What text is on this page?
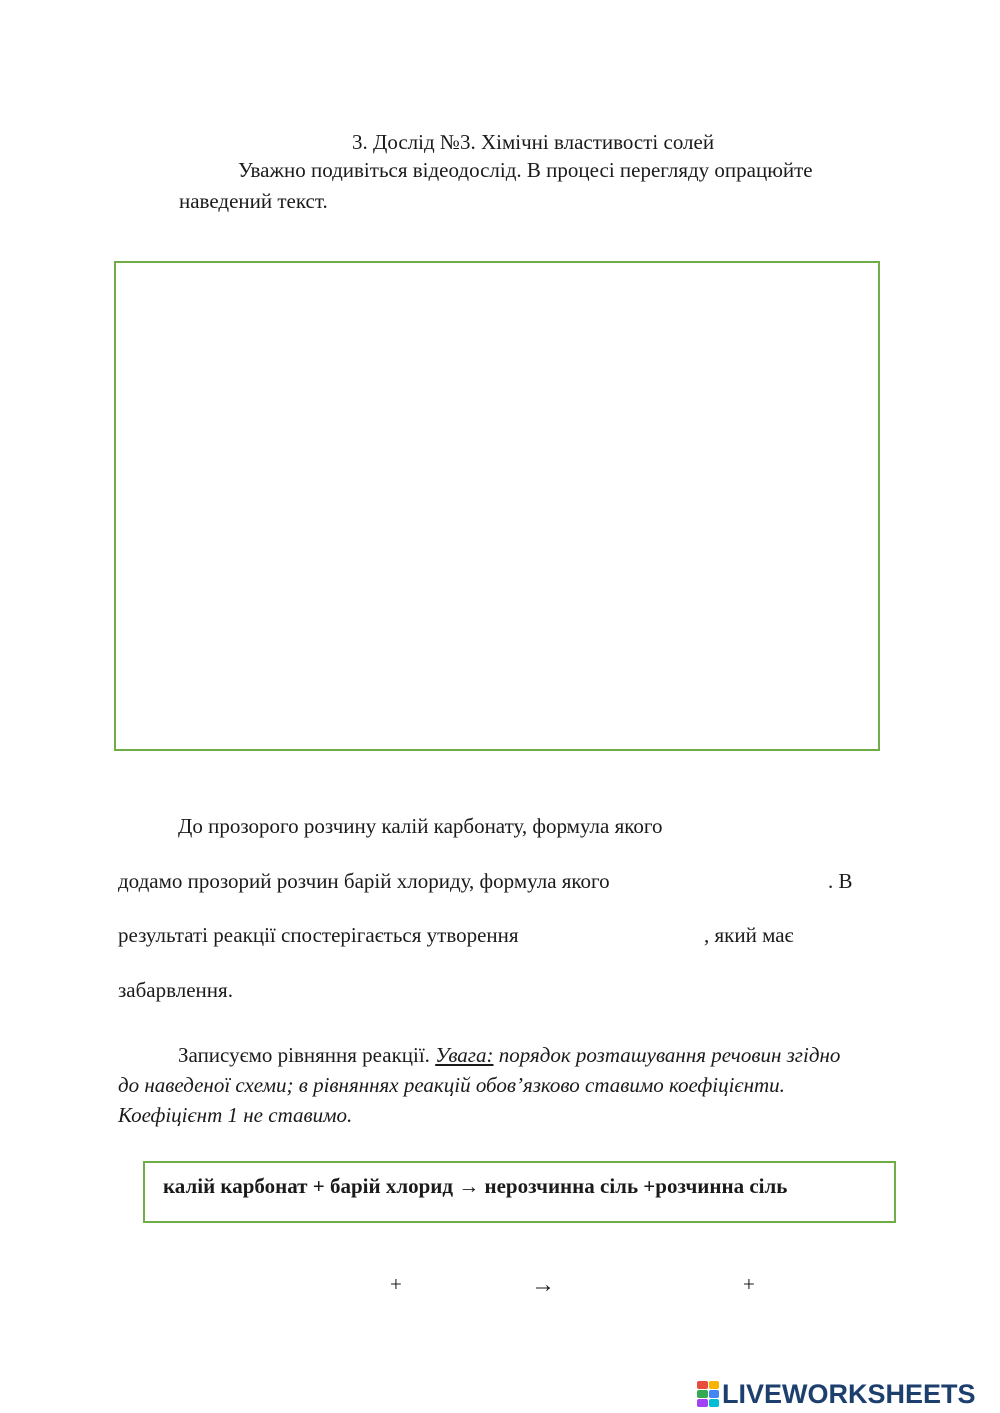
3. Дослід №3. Хімічні властивості солей
Уважно подивіться відеодослід. В процесі перегляду опрацюйте
наведений текст.
До прозорого розчину калій карбонату, формула якого
додамо прозорий розчин барій хлориду, формула якого	. В
результаті реакції спостерігається утворення	, який має
забарвлення.
Записуємо рівняння реакції. Увага: порядок розташування речовин згідно
до наведеної схеми; в рівняннях реакцій обов’язково ставимо коефіцієнти.
Коефіцієнт 1 не ставимо.
калій карбонат + барій хлорид → нерозчинна сіль +розчинна сіль
+	→	+
LIVEWORKSHEETS
